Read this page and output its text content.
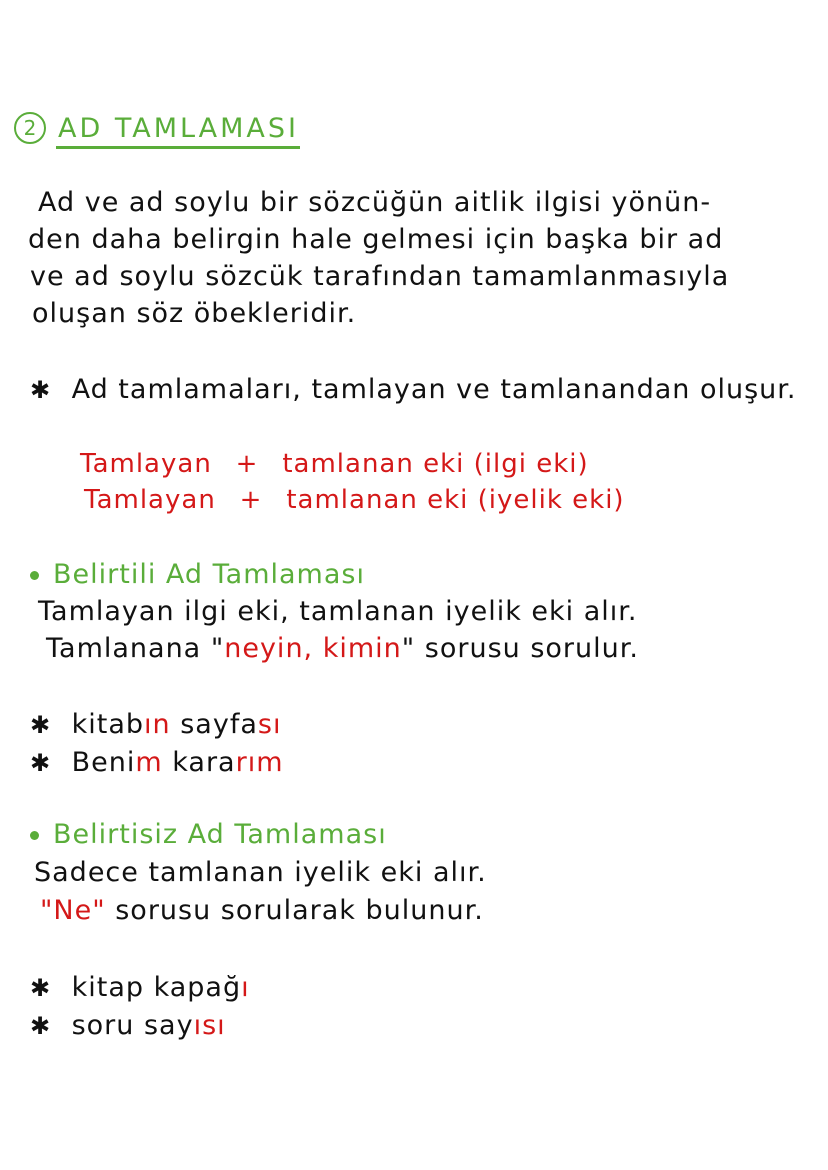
2 AD TAMLAMASI
Ad ve ad soylu bir sözcüğün aitlik ilgisi yönün-
den daha belirgin hale gelmesi için başka bir ad
ve ad soylu sözcük tarafından tamamlanmasıyla
oluşan söz öbekleridir.
✱ Ad tamlamaları, tamlayan ve tamlanandan oluşur.
Tamlayan + tamlanan eki (ilgi eki)
Tamlayan + tamlanan eki (iyelik eki)
Belirtili Ad Tamlaması
Tamlayan ilgi eki, tamlanan iyelik eki alır.
Tamlanana "neyin, kimin" sorusu sorulur.
✱ kitabın sayfası
✱ Benim kararım
Belirtisiz Ad Tamlaması
Sadece tamlanan iyelik eki alır.
"Ne" sorusu sorularak bulunur.
✱ kitap kapağı
✱ soru sayısı
